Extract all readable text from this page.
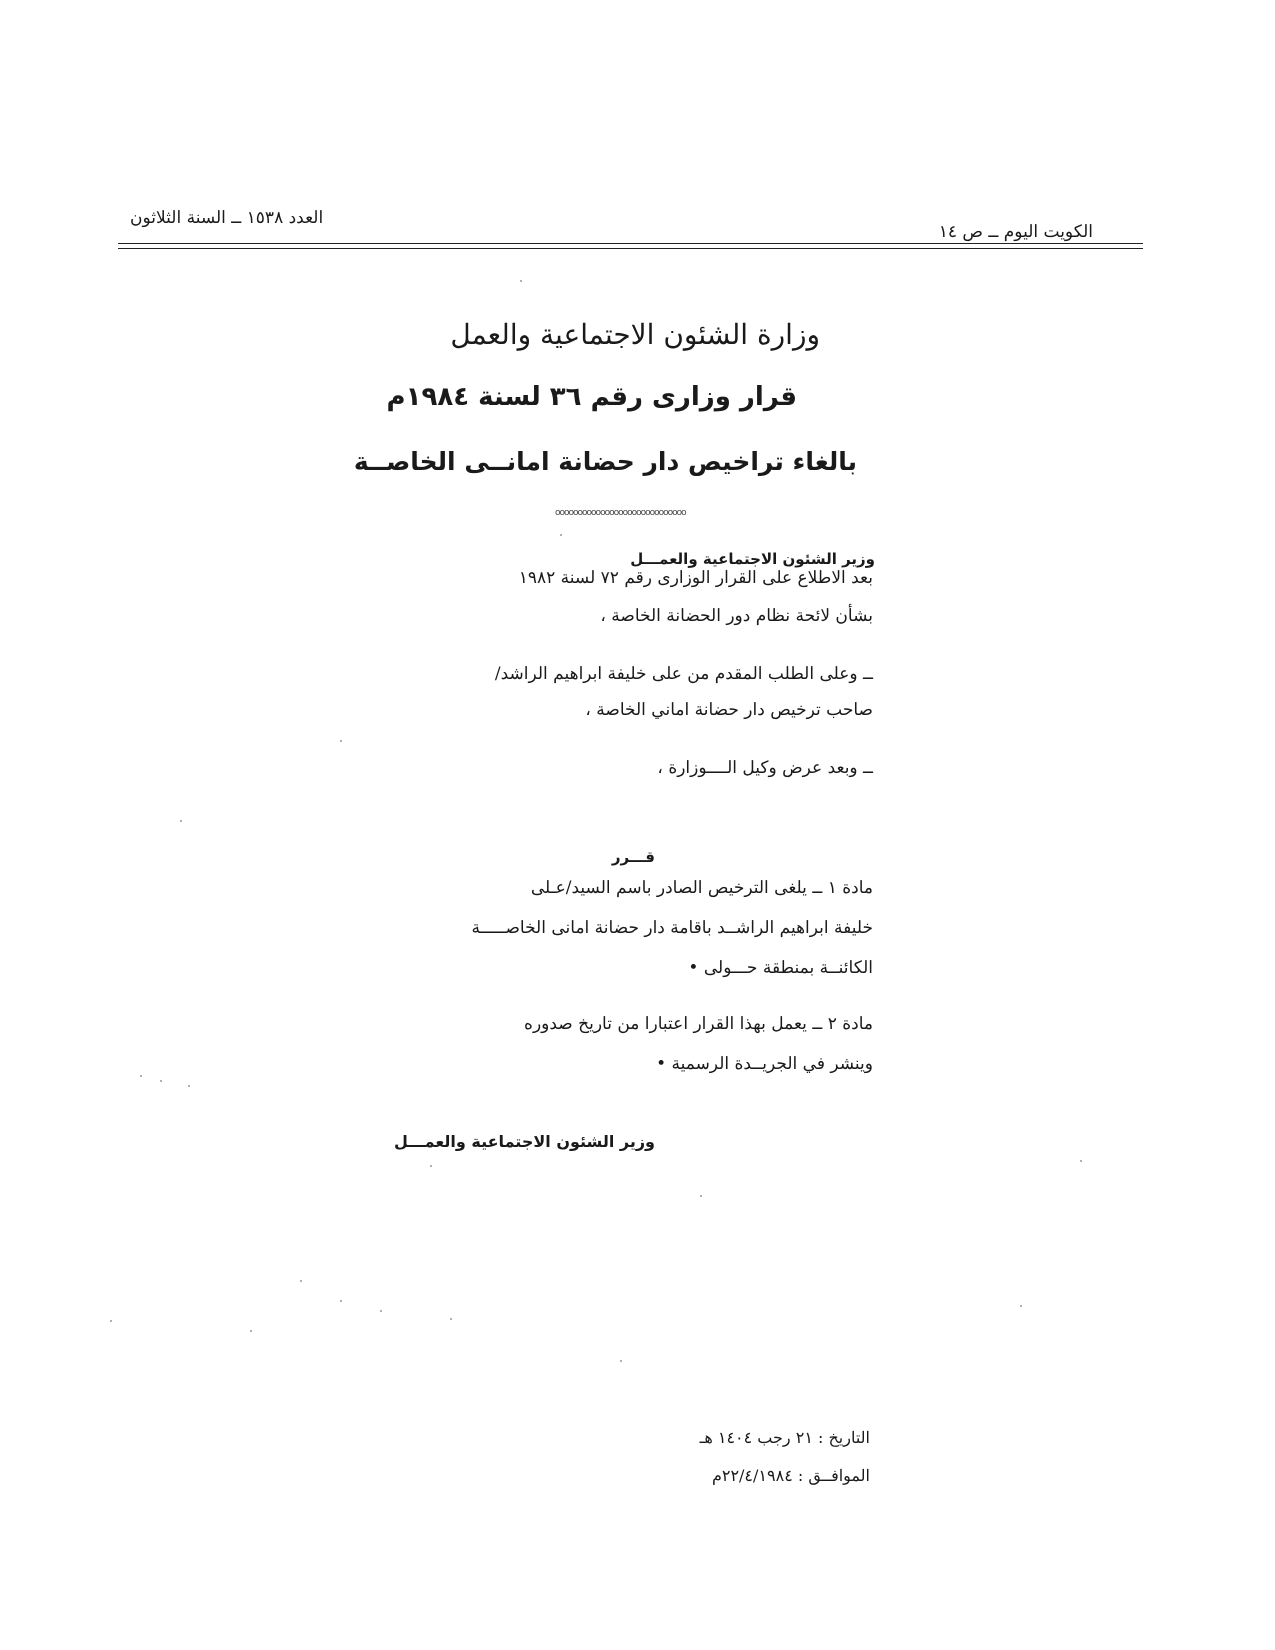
الكويت اليوم ــ ص ١٤
العدد ١٥٣٨ ــ السنة الثلاثون
وزارة الشئون الاجتماعية والعمل
قرار وزارى رقم ٣٦ لسنة ١٩٨٤م
بالغاء تراخيص دار حضانة امانــى الخاصــة
ooooooooooooooooooooooooooooo
وزير الشئون الاجتماعية والعمـــل
بعد الاطلاع على القرار الوزارى رقم ٧٢ لسنة ١٩٨٢
بشأن لائحة نظام دور الحضانة الخاصة ،
ــ وعلى الطلب المقدم من على خليفة ابراهيم الراشد/
صاحب ترخيص دار حضانة اماني الخاصة ،
ــ وبعد عرض وكيل الــــوزارة ،
قـــرر
مادة ١ ــ يلغى الترخيص الصادر باسم السيد/عـلى
خليفة ابراهيم الراشــد باقامة دار حضانة امانى الخاصـــــة
الكائنــة بمنطقة حـــولى •
مادة ٢ ــ يعمل بهذا القرار اعتبارا من تاريخ صدوره
وينشر في الجريــدة الرسمية •
وزير الشئون الاجتماعية والعمـــل
التاريخ : ٢١ رجب ١٤٠٤ هـ
الموافــق : ٢٢/٤/١٩٨٤م
